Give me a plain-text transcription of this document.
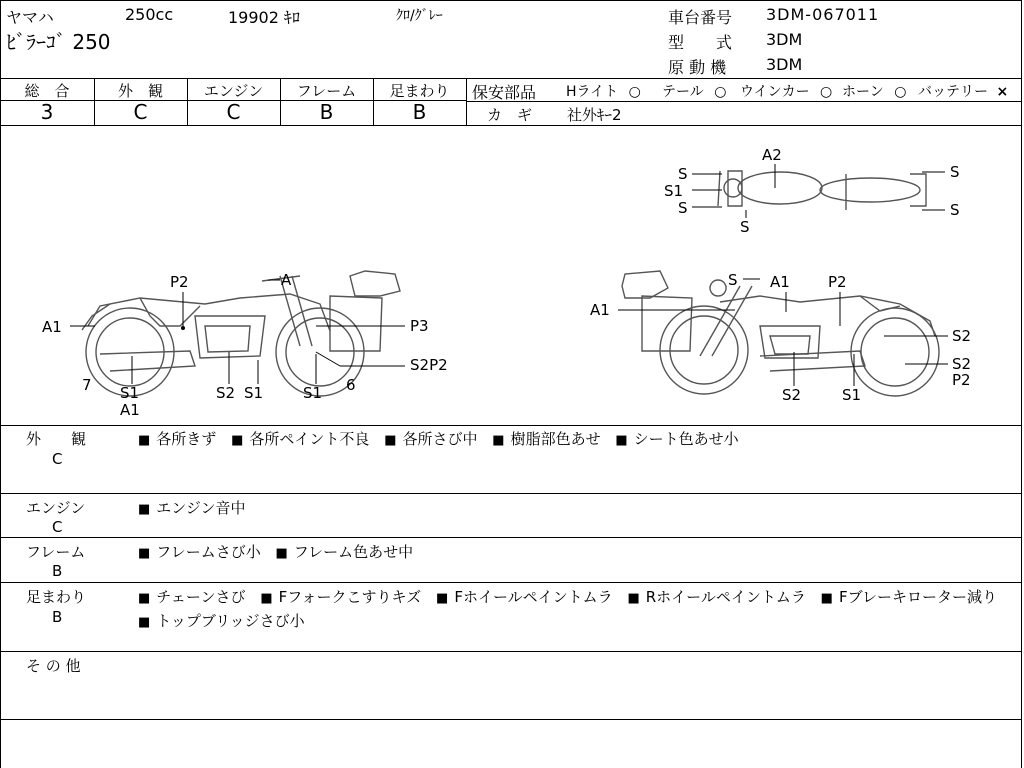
ヤマハ	250cc	19902 ｷﾛ	ｸﾛ/ｸﾞﾚｰ
ﾋﾞﾗｰｺﾞ 250
車台番号 3DM-067011
型　　式 3DM
原 動 機 3DM
総　合	外　観	エンジン	フレーム	足まわり
3	C	C	B	B
保安部品 Hライト ○ テール ○ ウインカー ○ ホーン ○ バッテリー ×
カ　ギ 社外ｷｰ2
A1
P2	A
P3
S2P2
7 S1
A1
S2 S1	S1 6
A1
S A1	P2
S2
S2
P2
S2	S1
A2
S
S1
S
S
S
S
外　　観
C
■ 各所きず ■ 各所ペイント不良 ■ 各所さび中 ■ 樹脂部色あせ ■ シート色あせ小
エンジン
C
■ エンジン音中
フレーム
B
■ フレームさび小 ■ フレーム色あせ中
足まわり
B
■ チェーンさび ■ Fフォークこすりキズ ■ Fホイールペイントムラ ■ Rホイールペイントムラ ■ Fブレーキローター減り ■ トップブリッジさび小
そ の 他
